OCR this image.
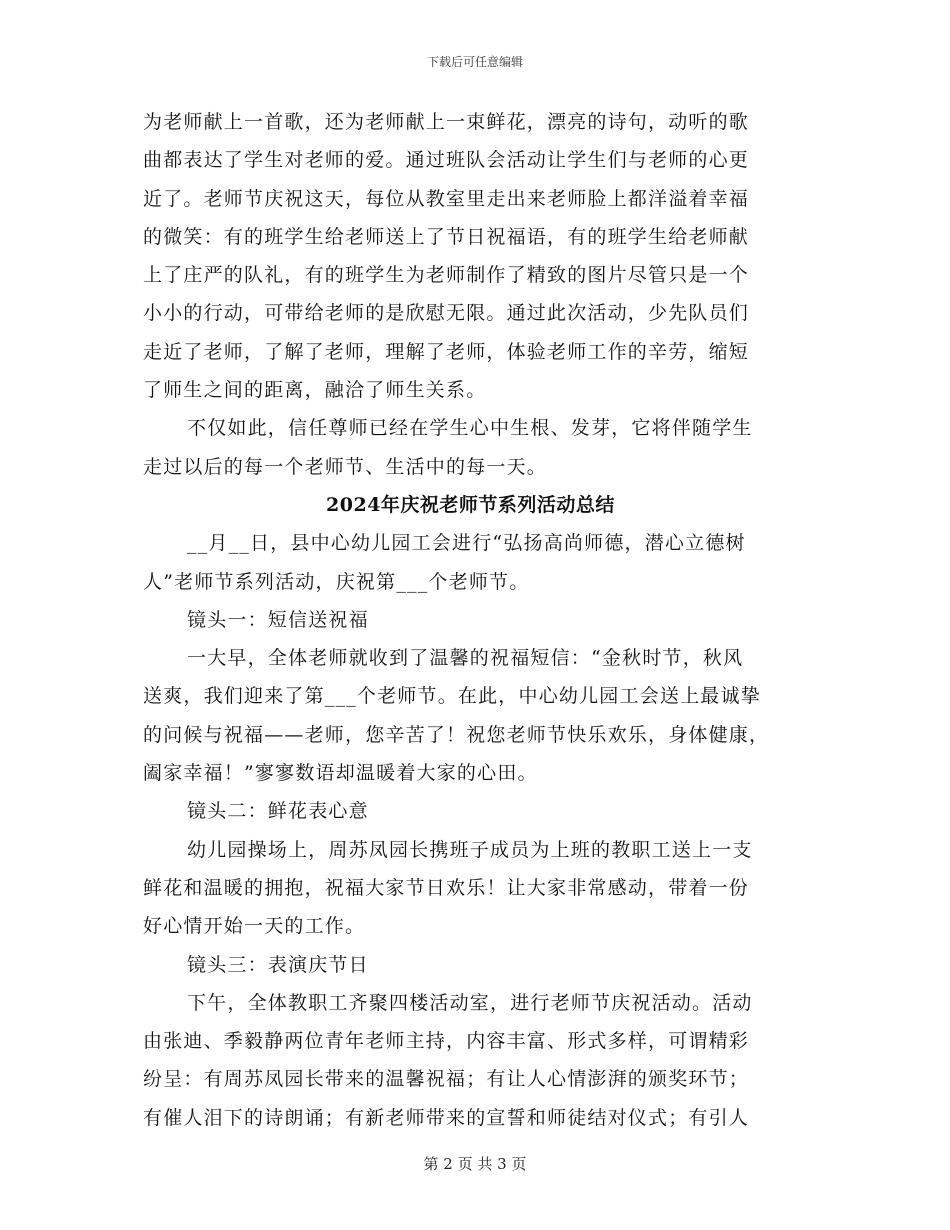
下载后可任意编辑
为老师献上一首歌，还为老师献上一束鲜花，漂亮的诗句，动听的歌
曲都表达了学生对老师的爱。通过班队会活动让学生们与老师的心更
近了。老师节庆祝这天，每位从教室里走出来老师脸上都洋溢着幸福
的微笑：有的班学生给老师送上了节日祝福语，有的班学生给老师献
上了庄严的队礼，有的班学生为老师制作了精致的图片尽管只是一个
小小的行动，可带给老师的是欣慰无限。通过此次活动，少先队员们
走近了老师，了解了老师，理解了老师，体验老师工作的辛劳，缩短
了师生之间的距离，融洽了师生关系。
不仅如此，信任尊师已经在学生心中生根、发芽，它将伴随学生
走过以后的每一个老师节、生活中的每一天。
2024年庆祝老师节系列活动总结
__月__日，县中心幼儿园工会进行“弘扬高尚师德，潜心立德树
人”老师节系列活动，庆祝第___个老师节。
镜头一：短信送祝福
一大早，全体老师就收到了温馨的祝福短信：“金秋时节，秋风
送爽，我们迎来了第___个老师节。在此，中心幼儿园工会送上最诚挚
的问候与祝福——老师，您辛苦了！祝您老师节快乐欢乐，身体健康，
阖家幸福！”寥寥数语却温暖着大家的心田。
镜头二：鲜花表心意
幼儿园操场上，周苏凤园长携班子成员为上班的教职工送上一支
鲜花和温暖的拥抱，祝福大家节日欢乐！让大家非常感动，带着一份
好心情开始一天的工作。
镜头三：表演庆节日
下午，全体教职工齐聚四楼活动室，进行老师节庆祝活动。活动
由张迪、季毅静两位青年老师主持，内容丰富、形式多样，可谓精彩
纷呈：有周苏凤园长带来的温馨祝福；有让人心情澎湃的颁奖环节；
有催人泪下的诗朗诵；有新老师带来的宣誓和师徒结对仪式；有引人
第 2 页 共 3 页
